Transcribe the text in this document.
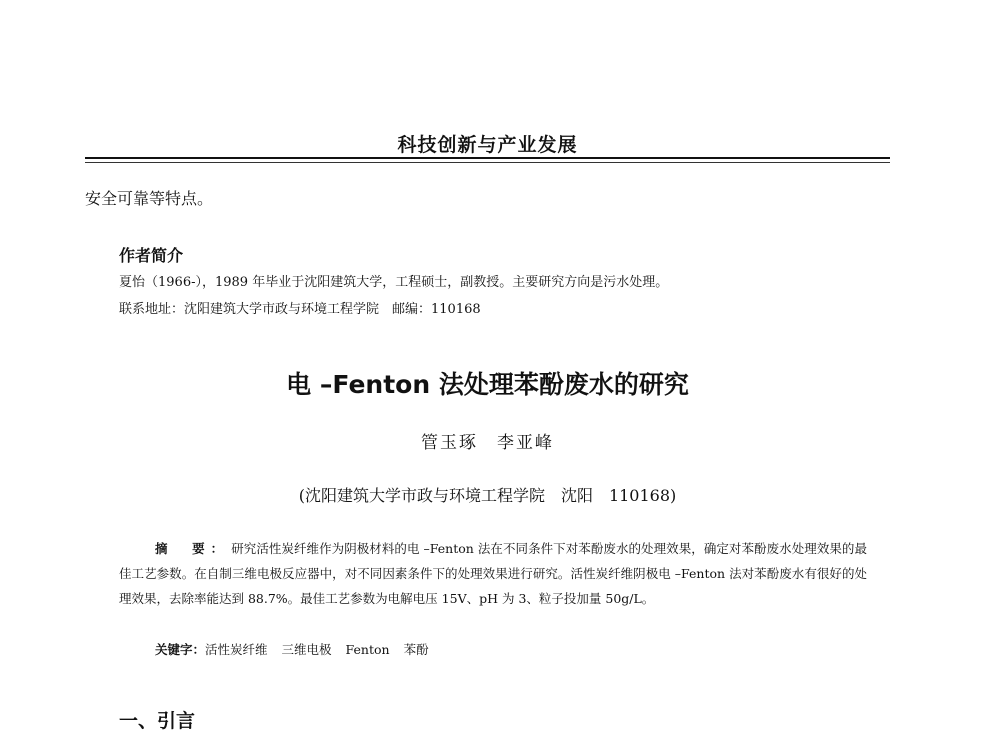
科技创新与产业发展
安全可靠等特点。
作者简介
夏怡（1966-），1989 年毕业于沈阳建筑大学，工程硕士，副教授。主要研究方向是污水处理。
联系地址：沈阳建筑大学市政与环境工程学院　邮编：110168
电 –Fenton 法处理苯酚废水的研究
管玉琢　李亚峰
(沈阳建筑大学市政与环境工程学院　沈阳　110168)
摘　要： 研究活性炭纤维作为阴极材料的电 –Fenton 法在不同条件下对苯酚废水的处理效果，确定对苯酚废水处理效果的最佳工艺参数。在自制三维电极反应器中，对不同因素条件下的处理效果进行研究。活性炭纤维阴极电 –Fenton 法对苯酚废水有很好的处理效果，去除率能达到 88.7%。最佳工艺参数为电解电压 15V、pH 为 3、粒子投加量 50g/L。
关键字：活性炭纤维 三维电极 Fenton 苯酚
一、引言
